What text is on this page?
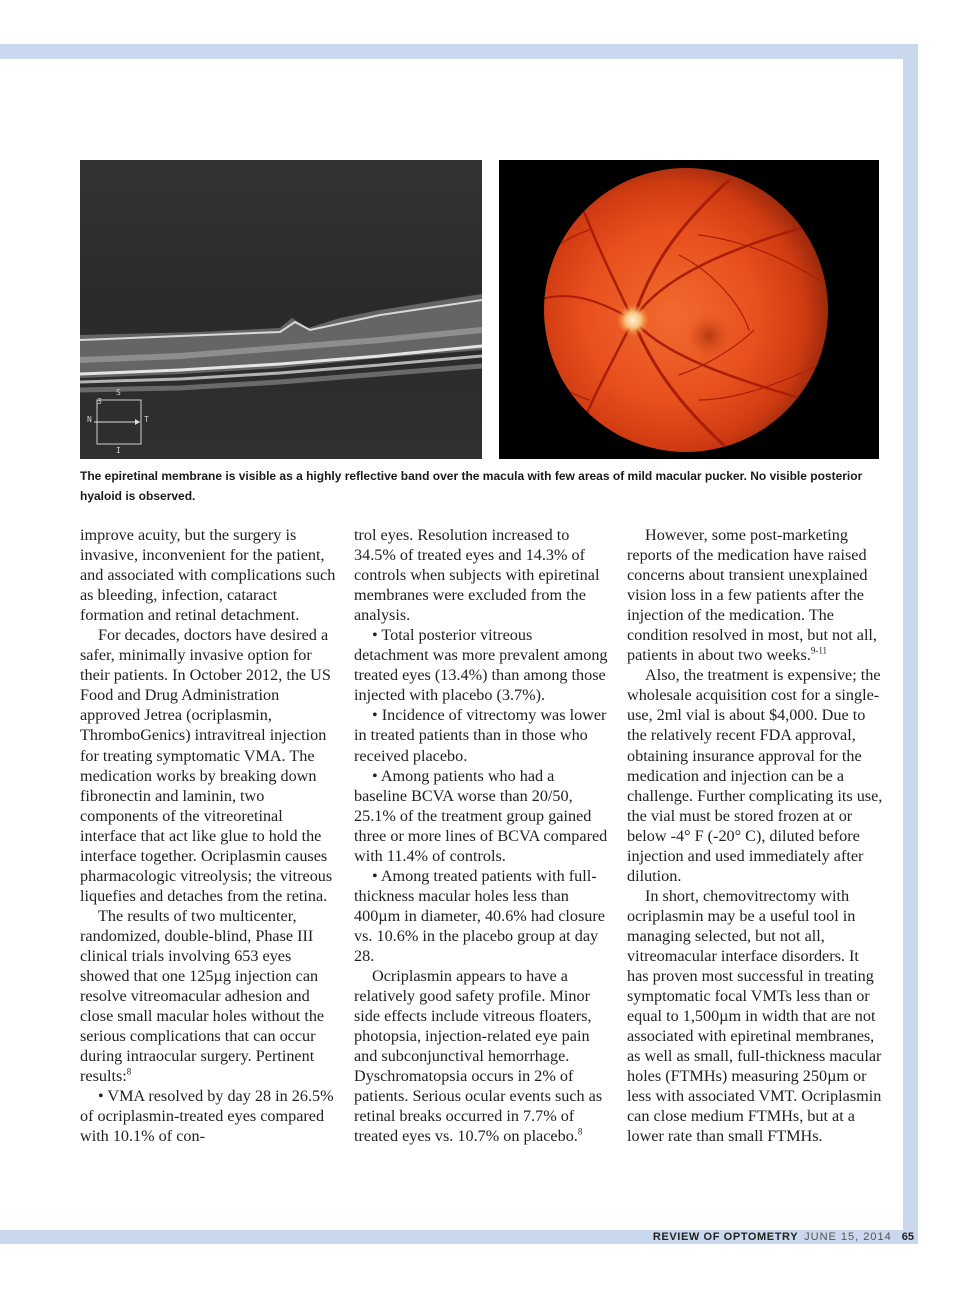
S
3
N	T
I
The epiretinal membrane is visible as a highly reflective band over the macula with few areas of mild macular pucker. No visible posterior hyaloid is observed.

improve acuity, but the surgery is invasive, inconvenient for the patient, and associated with complications such as bleeding, infection, cataract formation and retinal detachment.

For decades, doctors have desired a safer, minimally invasive option for their patients. In October 2012, the US Food and Drug Administration approved Jetrea (ocriplasmin, ThromboGenics) intravitreal injection for treating symptomatic VMA. The medication works by breaking down fibronectin and laminin, two components of the vitreoretinal interface that act like glue to hold the interface together. Ocriplasmin causes pharmacologic vitreolysis; the vitreous liquefies and detaches from the retina.

The results of two multicenter, randomized, double-blind, Phase III clinical trials involving 653 eyes showed that one 125µg injection can resolve vitreomacular adhesion and close small macular holes without the serious complications that can occur during intraocular surgery. Pertinent results:$^8$

• VMA resolved by day 28 in 26.5% of ocriplasmin-treated eyes compared with 10.1% of con-

trol eyes. Resolution increased to 34.5% of treated eyes and 14.3% of controls when subjects with epiretinal membranes were excluded from the analysis.

• Total posterior vitreous detachment was more prevalent among treated eyes (13.4%) than among those injected with placebo (3.7%).

• Incidence of vitrectomy was lower in treated patients than in those who received placebo.

• Among patients who had a baseline BCVA worse than 20/50, 25.1% of the treatment group gained three or more lines of BCVA compared with 11.4% of controls.

• Among treated patients with full-thickness macular holes less than 400µm in diameter, 40.6% had closure vs. 10.6% in the placebo group at day 28.

Ocriplasmin appears to have a relatively good safety profile. Minor side effects include vitreous floaters, photopsia, injection-related eye pain and subconjunctival hemorrhage. Dyschromatopsia occurs in 2% of patients. Serious ocular events such as retinal breaks occurred in 7.7% of treated eyes vs. 10.7% on placebo.$^8$

However, some post-marketing reports of the medication have raised concerns about transient unexplained vision loss in a few patients after the injection of the medication. The condition resolved in most, but not all, patients in about two weeks.$^{9-11}$

Also, the treatment is expensive; the wholesale acquisition cost for a single-use, 2ml vial is about $4,000. Due to the relatively recent FDA approval, obtaining insurance approval for the medication and injection can be a challenge. Further complicating its use, the vial must be stored frozen at or below -4° F (-20° C), diluted before injection and used immediately after dilution.

In short, chemovitrectomy with ocriplasmin may be a useful tool in managing selected, but not all, vitreomacular interface disorders. It has proven most successful in treating symptomatic focal VMTs less than or equal to 1,500µm in width that are not associated with epiretinal membranes, as well as small, full-thickness macular holes (FTMHs) measuring 250µm or less with associated VMT. Ocriplasmin can close medium FTMHs, but at a lower rate than small FTMHs.

REVIEW OF OPTOMETRY JUNE 15, 2014 65
